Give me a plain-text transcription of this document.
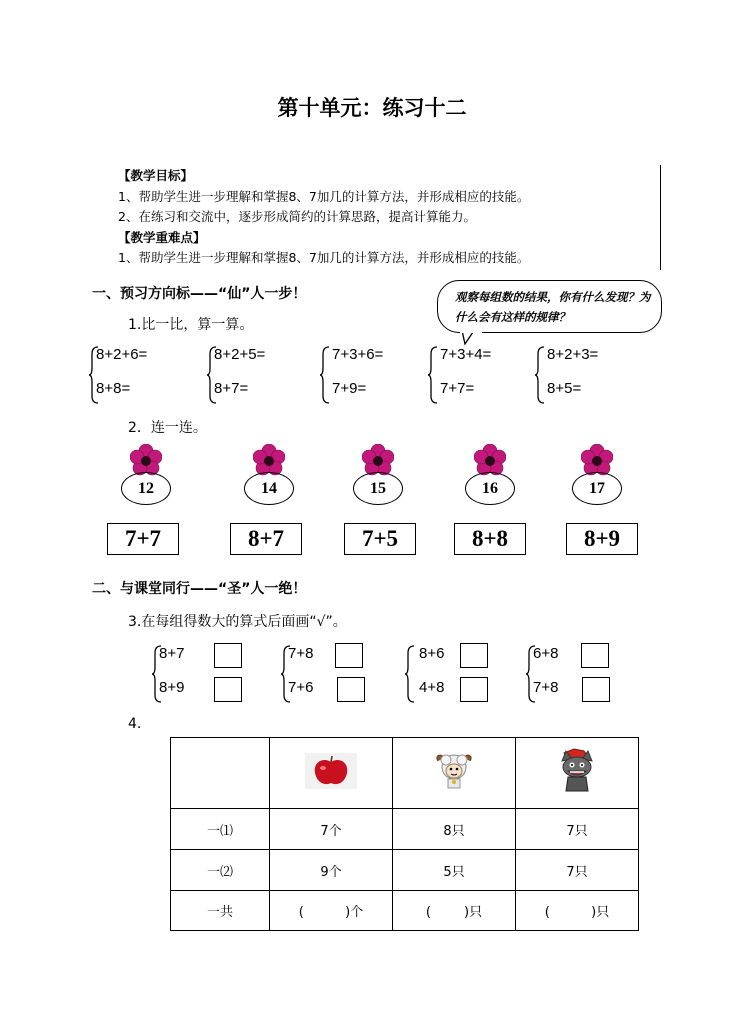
第十单元：练习十二
【教学目标】
1、帮助学生进一步理解和掌握8、7加几的计算方法，并形成相应的技能。
2、在练习和交流中，逐步形成简约的计算思路，提高计算能力。
【教学重难点】
1、帮助学生进一步理解和掌握8、7加几的计算方法，并形成相应的技能。
一、预习方向标——“仙”人一步！	观察每组数的结果，你有什么发现？为什么会有这样的规律？
1.比一比，算一算。
8+2+6=
8+8=
8+2+5=
8+7=
7+3+6=
7+9=
7+3+4=
7+7=
8+2+3=
8+5=
2．连一连。
12	14	15	16	17
7+7	8+7	7+5	8+8	8+9
二、与课堂同行——“圣”人一绝！
3.在每组得数大的算式后面画“√”。
8+7
8+9
7+8
7+6
8+6
4+8
6+8
7+8
4.

一⑴	7个	8只	7只
一⑵	9个	5只	7只
一共	(          )个	(        )只	(          )只
